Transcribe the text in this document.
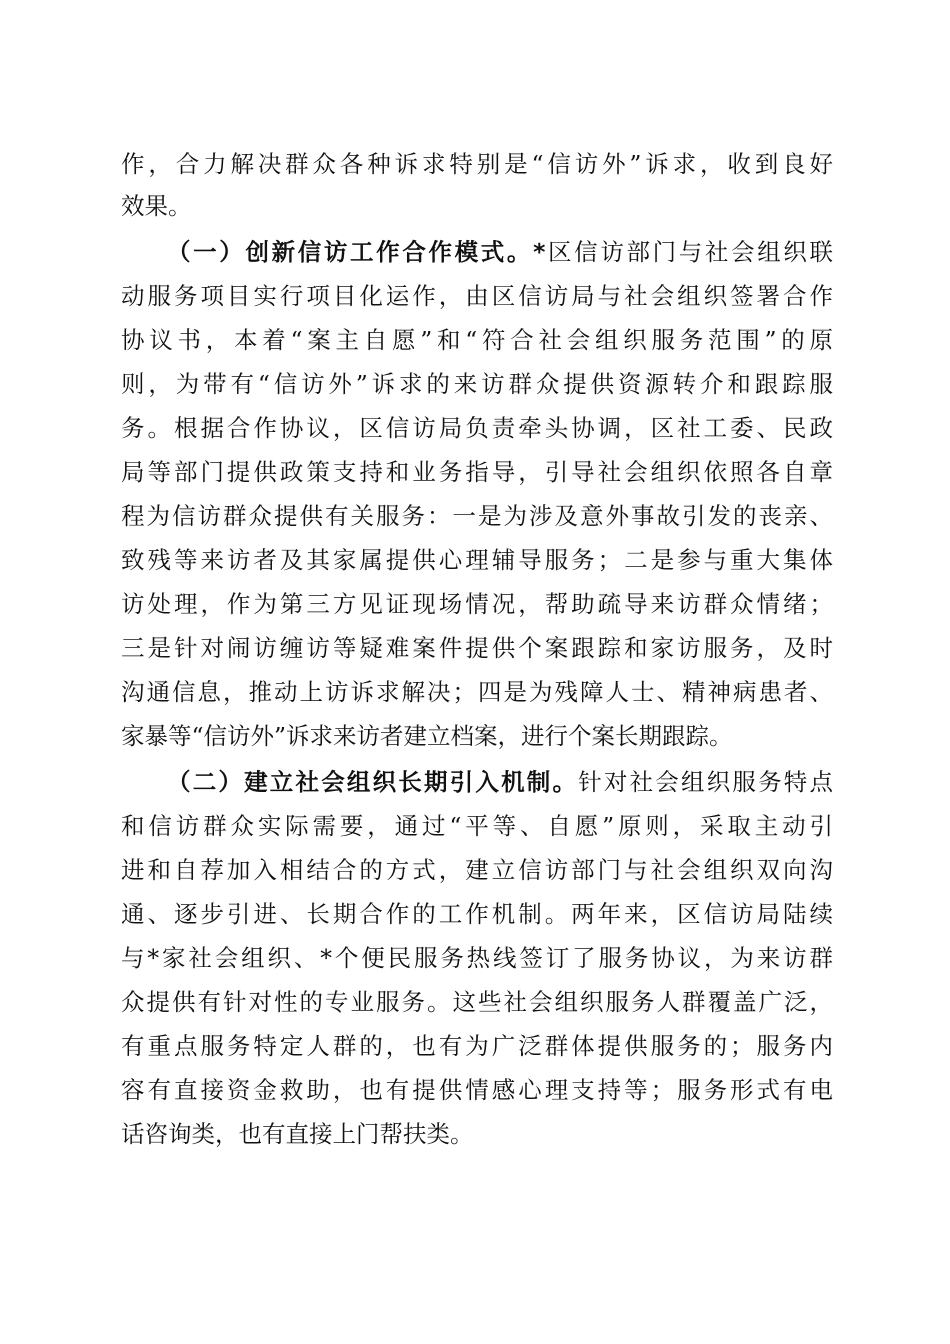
作，合力解决群众各种诉求特别是“信访外”诉求，收到良好
效果。
（一）创新信访工作合作模式。*区信访部门与社会组织联
动服务项目实行项目化运作，由区信访局与社会组织签署合作
协议书，本着“案主自愿”和“符合社会组织服务范围”的原
则，为带有“信访外”诉求的来访群众提供资源转介和跟踪服
务。根据合作协议，区信访局负责牵头协调，区社工委、民政
局等部门提供政策支持和业务指导，引导社会组织依照各自章
程为信访群众提供有关服务：一是为涉及意外事故引发的丧亲、
致残等来访者及其家属提供心理辅导服务；二是参与重大集体
访处理，作为第三方见证现场情况，帮助疏导来访群众情绪；
三是针对闹访缠访等疑难案件提供个案跟踪和家访服务，及时
沟通信息，推动上访诉求解决；四是为残障人士、精神病患者、
家暴等“信访外”诉求来访者建立档案，进行个案长期跟踪。
（二）建立社会组织长期引入机制。针对社会组织服务特点
和信访群众实际需要，通过“平等、自愿”原则，采取主动引
进和自荐加入相结合的方式，建立信访部门与社会组织双向沟
通、逐步引进、长期合作的工作机制。两年来，区信访局陆续
与*家社会组织、*个便民服务热线签订了服务协议，为来访群
众提供有针对性的专业服务。这些社会组织服务人群覆盖广泛，
有重点服务特定人群的，也有为广泛群体提供服务的；服务内
容有直接资金救助，也有提供情感心理支持等；服务形式有电
话咨询类，也有直接上门帮扶类。
